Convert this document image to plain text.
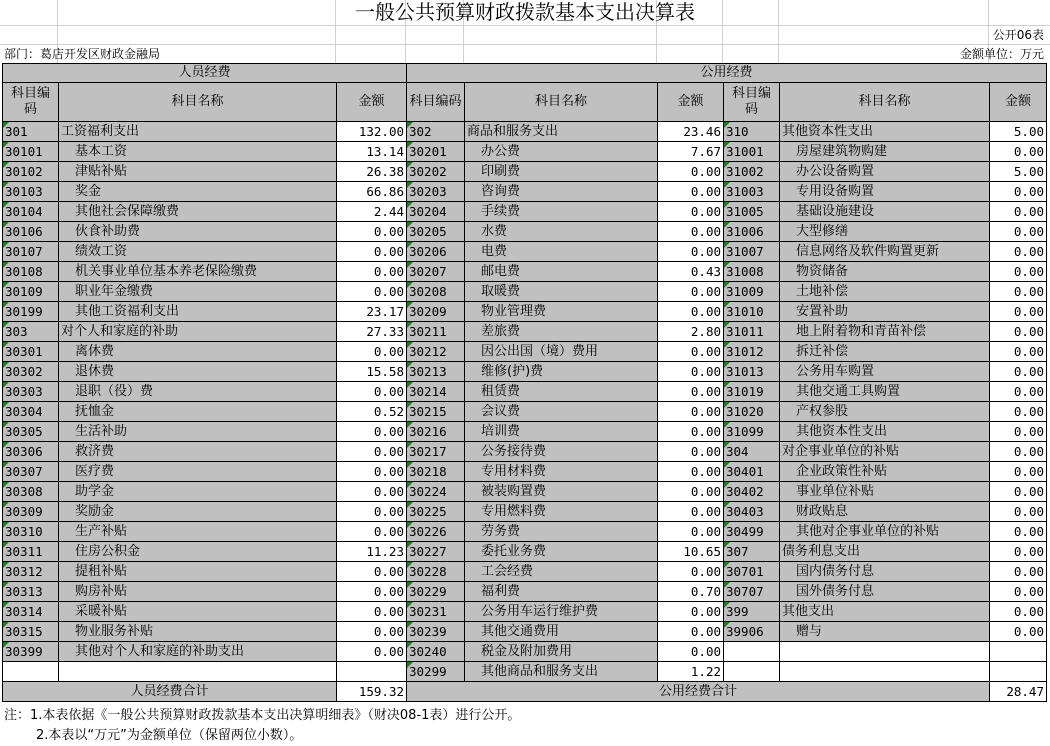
一般公共预算财政拨款基本支出决算表
公开06表
部门：葛店开发区财政金融局	金额单位：万元
人员经费			公用经费					
科目编码	科目名称	金额	科目编码	科目名称	金额	科目编码	科目名称	金额
301	工资福利支出	132.00	302	商品和服务支出	23.46	310	其他资本性支出	5.00
30101	基本工资	13.14	30201	办公费	7.67	31001	房屋建筑物购建	0.00
30102	津贴补贴	26.38	30202	印刷费	0.00	31002	办公设备购置	5.00
30103	奖金	66.86	30203	咨询费	0.00	31003	专用设备购置	0.00
30104	其他社会保障缴费	2.44	30204	手续费	0.00	31005	基础设施建设	0.00
30106	伙食补助费	0.00	30205	水费	0.00	31006	大型修缮	0.00
30107	绩效工资	0.00	30206	电费	0.00	31007	信息网络及软件购置更新	0.00
30108	机关事业单位基本养老保险缴费	0.00	30207	邮电费	0.43	31008	物资储备	0.00
30109	职业年金缴费	0.00	30208	取暖费	0.00	31009	土地补偿	0.00
30199	其他工资福利支出	23.17	30209	物业管理费	0.00	31010	安置补助	0.00
303	对个人和家庭的补助	27.33	30211	差旅费	2.80	31011	地上附着物和青苗补偿	0.00
30301	离休费	0.00	30212	因公出国（境）费用	0.00	31012	拆迁补偿	0.00
30302	退休费	15.58	30213	维修(护)费	0.00	31013	公务用车购置	0.00
30303	退职（役）费	0.00	30214	租赁费	0.00	31019	其他交通工具购置	0.00
30304	抚恤金	0.52	30215	会议费	0.00	31020	产权参股	0.00
30305	生活补助	0.00	30216	培训费	0.00	31099	其他资本性支出	0.00
30306	救济费	0.00	30217	公务接待费	0.00	304	对企事业单位的补贴	0.00
30307	医疗费	0.00	30218	专用材料费	0.00	30401	企业政策性补贴	0.00
30308	助学金	0.00	30224	被装购置费	0.00	30402	事业单位补贴	0.00
30309	奖励金	0.00	30225	专用燃料费	0.00	30403	财政贴息	0.00
30310	生产补贴	0.00	30226	劳务费	0.00	30499	其他对企事业单位的补贴	0.00
30311	住房公积金	11.23	30227	委托业务费	10.65	307	债务利息支出	0.00
30312	提租补贴	0.00	30228	工会经费	0.00	30701	国内债务付息	0.00
30313	购房补贴	0.00	30229	福利费	0.70	30707	国外债务付息	0.00
30314	采暖补贴	0.00	30231	公务用车运行维护费	0.00	399	其他支出	0.00
30315	物业服务补贴	0.00	30239	其他交通费用	0.00	39906	赠与	0.00
30399	其他对个人和家庭的补助支出	0.00	30240	税金及附加费用	0.00			
			30299	其他商品和服务支出	1.22			
人员经费合计		159.32	公用经费合计					28.47
注：1.本表依据《一般公共预算财政拨款基本支出决算明细表》（财决08-1表）进行公开。
2.本表以“万元”为金额单位（保留两位小数）。
